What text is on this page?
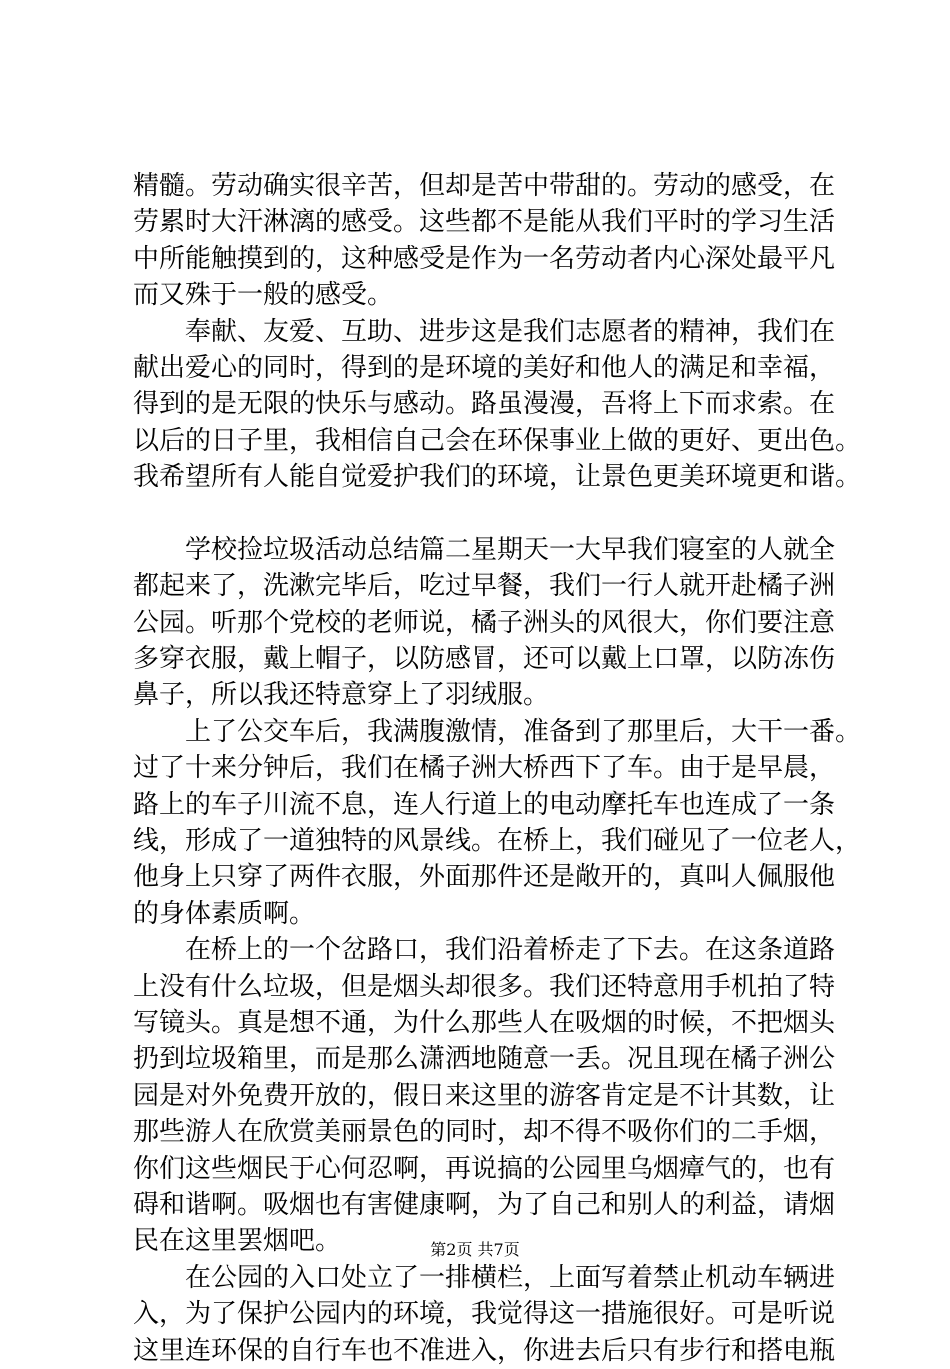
精髓。劳动确实很辛苦，但却是苦中带甜的。劳动的感受，在
劳累时大汗淋漓的感受。这些都不是能从我们平时的学习生活
中所能触摸到的，这种感受是作为一名劳动者内心深处最平凡
而又殊于一般的感受。
奉献、友爱、互助、进步这是我们志愿者的精神，我们在
献出爱心的同时，得到的是环境的美好和他人的满足和幸福，
得到的是无限的快乐与感动。路虽漫漫，吾将上下而求索。在
以后的日子里，我相信自己会在环保事业上做的更好、更出色。
我希望所有人能自觉爱护我们的环境，让景色更美环境更和谐。
学校捡垃圾活动总结篇二星期天一大早我们寝室的人就全
都起来了，洗漱完毕后，吃过早餐，我们一行人就开赴橘子洲
公园。听那个党校的老师说，橘子洲头的风很大，你们要注意
多穿衣服，戴上帽子，以防感冒，还可以戴上口罩，以防冻伤
鼻子，所以我还特意穿上了羽绒服。
上了公交车后，我满腹激情，准备到了那里后，大干一番。
过了十来分钟后，我们在橘子洲大桥西下了车。由于是早晨，
路上的车子川流不息，连人行道上的电动摩托车也连成了一条
线，形成了一道独特的风景线。在桥上，我们碰见了一位老人，
他身上只穿了两件衣服，外面那件还是敞开的，真叫人佩服他
的身体素质啊。
在桥上的一个岔路口，我们沿着桥走了下去。在这条道路
上没有什么垃圾，但是烟头却很多。我们还特意用手机拍了特
写镜头。真是想不通，为什么那些人在吸烟的时候，不把烟头
扔到垃圾箱里，而是那么潇洒地随意一丢。况且现在橘子洲公
园是对外免费开放的，假日来这里的游客肯定是不计其数，让
那些游人在欣赏美丽景色的同时，却不得不吸你们的二手烟，
你们这些烟民于心何忍啊，再说搞的公园里乌烟瘴气的，也有
碍和谐啊。吸烟也有害健康啊，为了自己和别人的利益，请烟
民在这里罢烟吧。
在公园的入口处立了一排横栏，上面写着禁止机动车辆进
入，为了保护公园内的环境，我觉得这一措施很好。可是听说
这里连环保的自行车也不准进入，你进去后只有步行和搭电瓶
第2页 共7页
